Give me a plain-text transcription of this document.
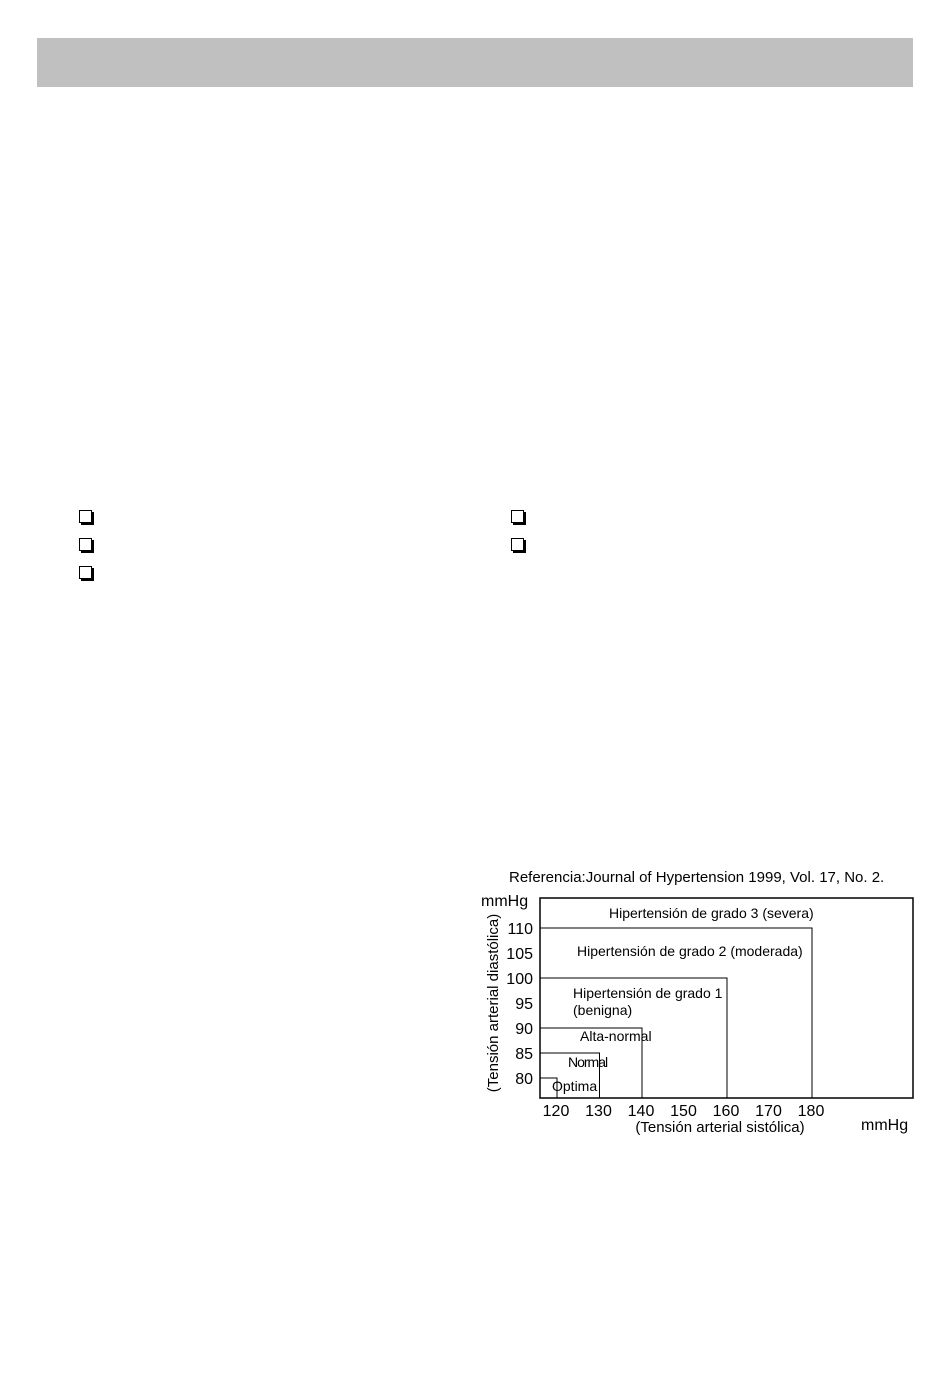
Referencia:Journal of Hypertension 1999, Vol. 17, No. 2.
Optima
Normal
Alta-normal
Hipertensión de grado 1
(benigna)
Hipertensión de grado 2 (moderada)
Hipertensión de grado 3 (severa)
80
85
90
95
100
105
110
120 130 140 150 160 170 180
mmHg
(Tensión arterial diastólica)
(Tensión arterial sistólica)	mmHg
